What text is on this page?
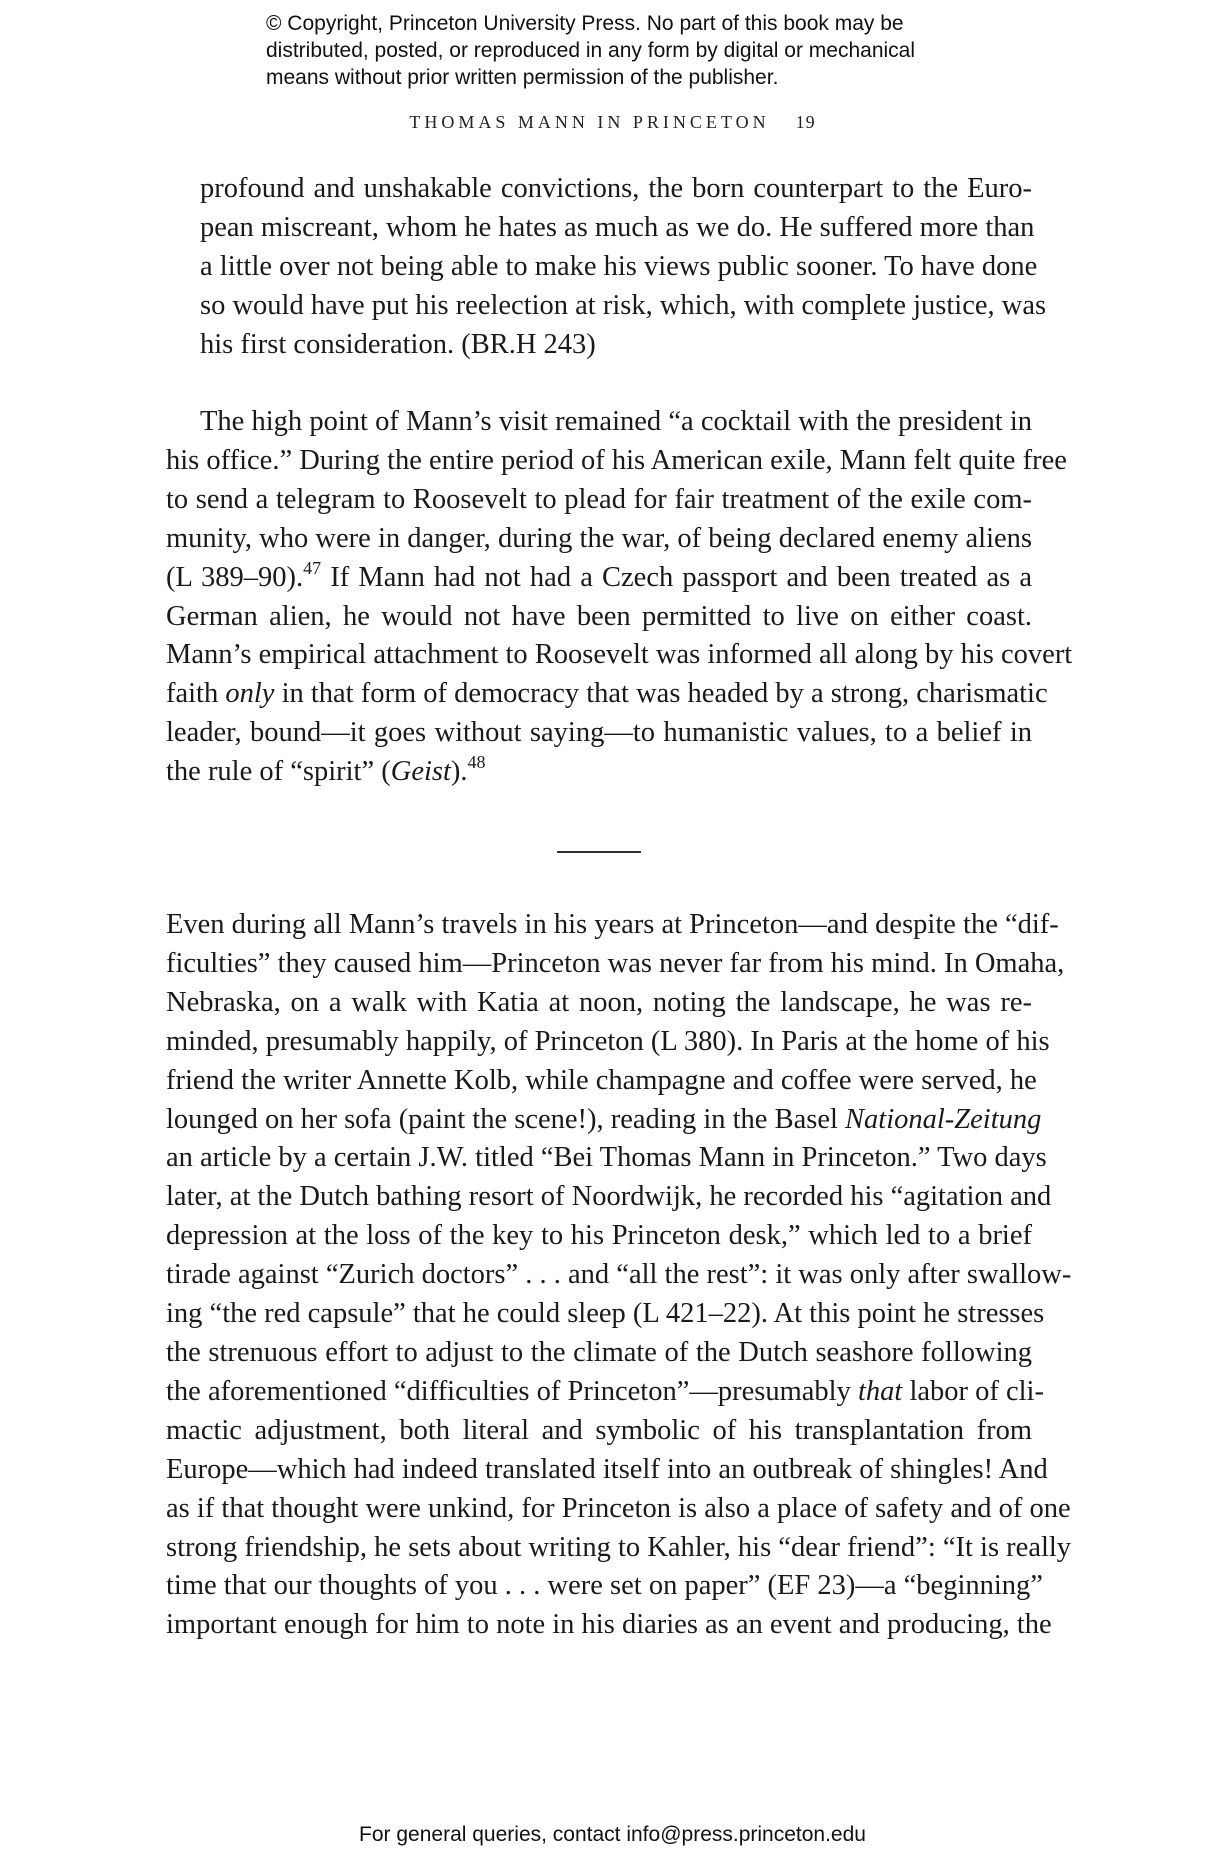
© Copyright, Princeton University Press. No part of this book may be
distributed, posted, or reproduced in any form by digital or mechanical
means without prior written permission of the publisher.
THOMAS MANN IN PRINCETON 19
profound and unshakable convictions, the born counterpart to the Euro-
pean miscreant, whom he hates as much as we do. He suffered more than
a little over not being able to make his views public sooner. To have done
so would have put his reelection at risk, which, with complete justice, was
his first consideration. (BR.H 243)
The high point of Mann’s visit remained “a cocktail with the president in
his office.” During the entire period of his American exile, Mann felt quite free
to send a telegram to Roosevelt to plead for fair treatment of the exile com-
munity, who were in danger, during the war, of being declared enemy aliens
(L 389–90).$^{47}$ If Mann had not had a Czech passport and been treated as a
German alien, he would not have been permitted to live on either coast.
Mann’s empirical attachment to Roosevelt was informed all along by his covert
faith only in that form of democracy that was headed by a strong, charismatic
leader, bound—it goes without saying—to humanistic values, to a belief in
the rule of “spirit” (Geist).$^{48}$
Even during all Mann’s travels in his years at Princeton—and despite the “dif-
ficulties” they caused him—Princeton was never far from his mind. In Omaha,
Nebraska, on a walk with Katia at noon, noting the landscape, he was re-
minded, presumably happily, of Princeton (L 380). In Paris at the home of his
friend the writer Annette Kolb, while champagne and coffee were served, he
lounged on her sofa (paint the scene!), reading in the Basel National-Zeitung
an article by a certain J.W. titled “Bei Thomas Mann in Princeton.” Two days
later, at the Dutch bathing resort of Noordwijk, he recorded his “agitation and
depression at the loss of the key to his Princeton desk,” which led to a brief
tirade against “Zurich doctors” . . . and “all the rest”: it was only after swallow-
ing “the red capsule” that he could sleep (L 421–22). At this point he stresses
the strenuous effort to adjust to the climate of the Dutch seashore following
the aforementioned “difficulties of Princeton”—presumably that labor of cli-
mactic adjustment, both literal and symbolic of his transplantation from
Europe—which had indeed translated itself into an outbreak of shingles! And
as if that thought were unkind, for Princeton is also a place of safety and of one
strong friendship, he sets about writing to Kahler, his “dear friend”: “It is really
time that our thoughts of you . . . were set on paper” (EF 23)—a “beginning”
important enough for him to note in his diaries as an event and producing, the
For general queries, contact info@press.princeton.edu
